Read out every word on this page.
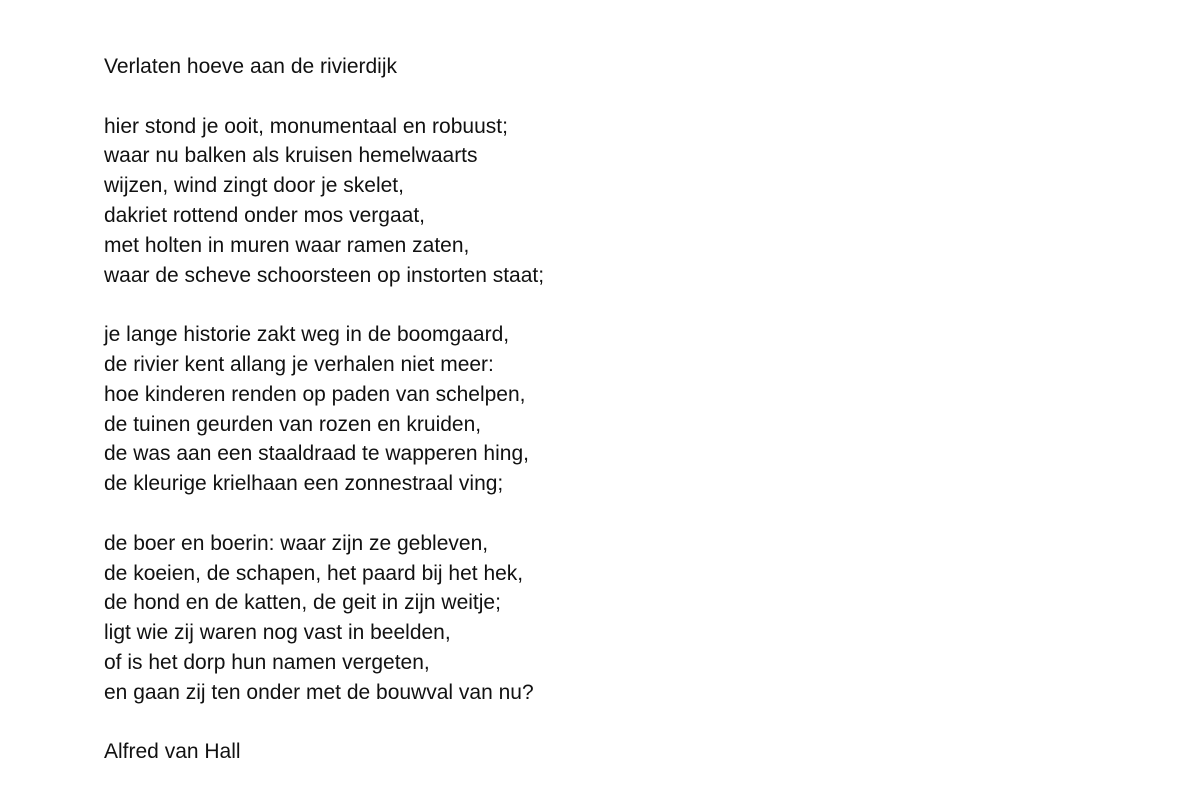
Verlaten hoeve aan de rivierdijk
hier stond je ooit, monumentaal en robuust;
waar nu balken als kruisen hemelwaarts
wijzen, wind zingt door je skelet,
dakriet rottend onder mos vergaat,
met holten in muren waar ramen zaten,
waar de scheve schoorsteen op instorten staat;
je lange historie zakt weg in de boomgaard,
de rivier kent allang je verhalen niet meer:
hoe kinderen renden op paden van schelpen,
de tuinen geurden van rozen en kruiden,
de was aan een staaldraad te wapperen hing,
de kleurige krielhaan een zonnestraal ving;
de boer en boerin: waar zijn ze gebleven,
de koeien, de schapen, het paard bij het hek,
de hond en de katten, de geit in zijn weitje;
ligt wie zij waren nog vast in beelden,
of is het dorp hun namen vergeten,
en gaan zij ten onder met de bouwval van nu?
Alfred van Hall
